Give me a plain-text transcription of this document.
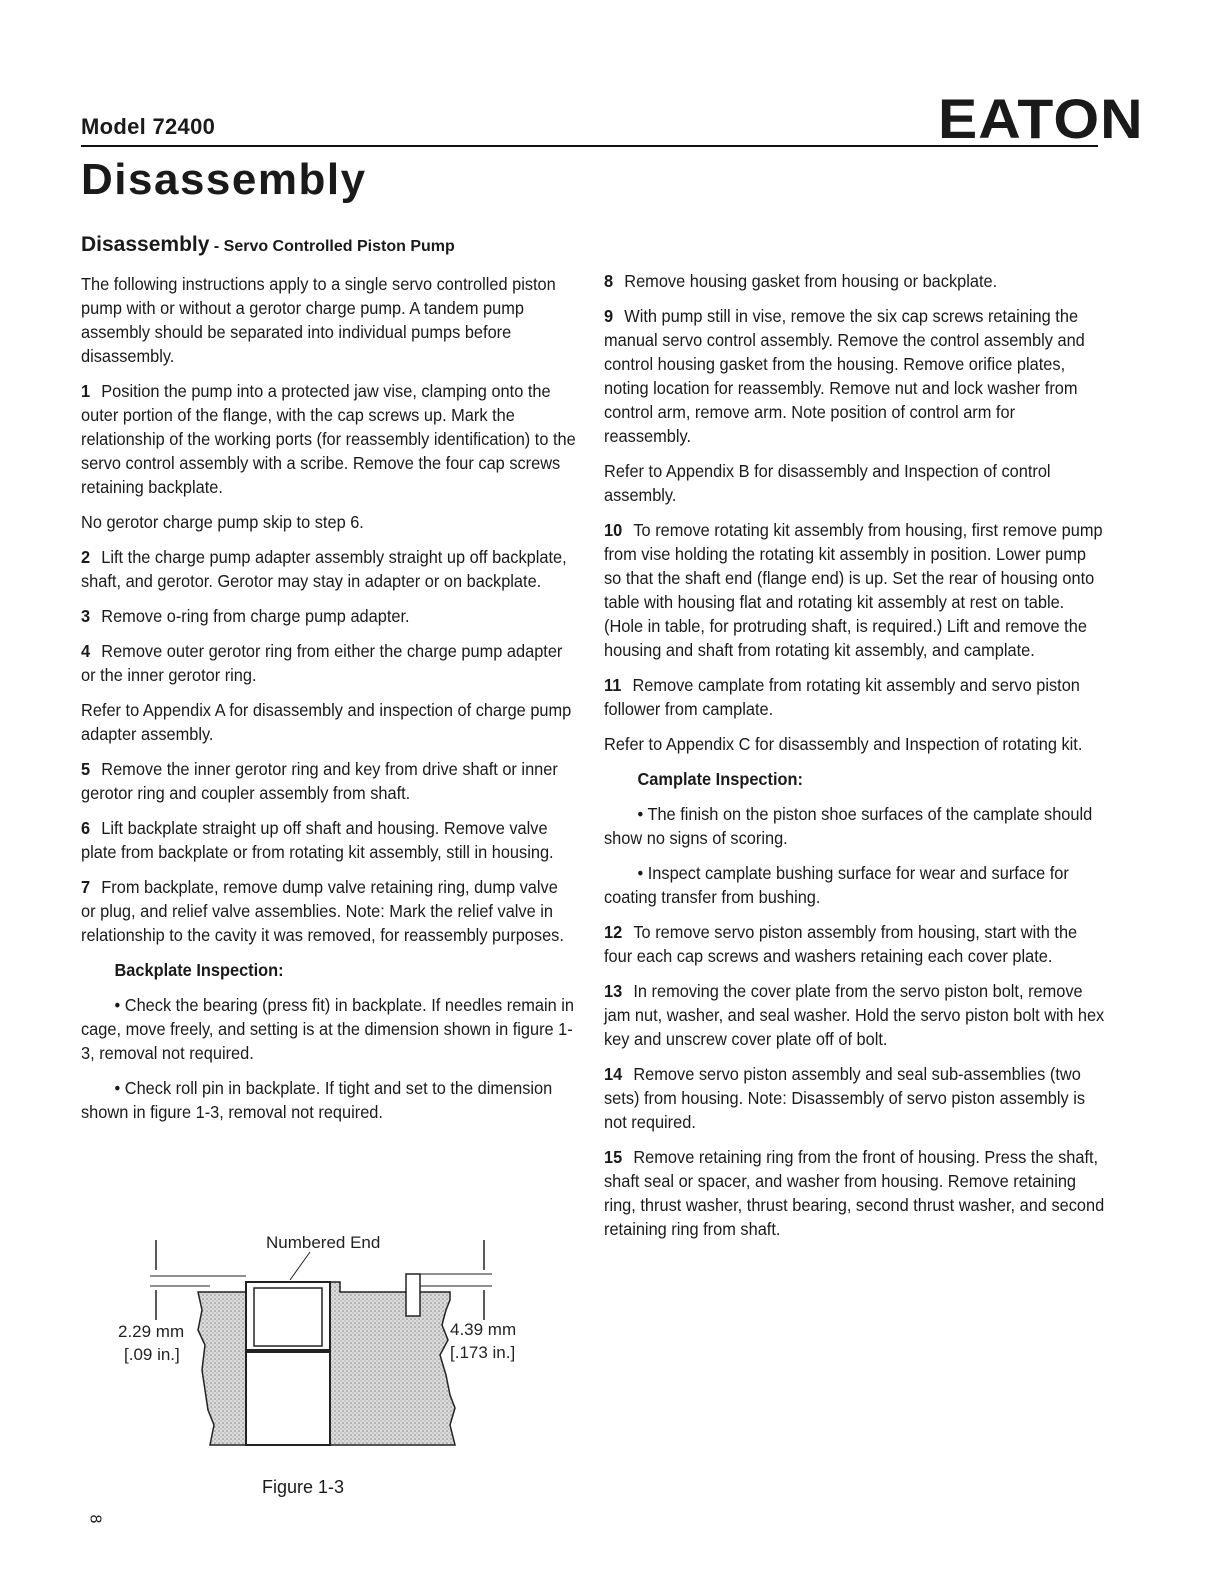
Model 72400	EATON
Disassembly
Disassembly - Servo Controlled Piston Pump

The following instructions apply to a single servo controlled piston pump with or without a gerotor charge pump. A tandem pump assembly should be separated into individual pumps before disassembly.

1 Position the pump into a protected jaw vise, clamping onto the outer portion of the flange, with the cap screws up. Mark the relationship of the working ports (for reassembly identification) to the servo control assembly with a scribe. Remove the four cap screws retaining backplate.

No gerotor charge pump skip to step 6.

2 Lift the charge pump adapter assembly straight up off backplate, shaft, and gerotor. Gerotor may stay in adapter or on backplate.

3 Remove o-ring from charge pump adapter.

4 Remove outer gerotor ring from either the charge pump adapter or the inner gerotor ring.

Refer to Appendix A for disassembly and inspection of charge pump adapter assembly.

5 Remove the inner gerotor ring and key from drive shaft or inner gerotor ring and coupler assembly from shaft.

6 Lift backplate straight up off shaft and housing. Remove valve plate from backplate or from rotating kit assembly, still in housing.

7 From backplate, remove dump valve retaining ring, dump valve or plug, and relief valve assemblies. Note: Mark the relief valve in relationship to the cavity it was removed, for reassembly purposes.

Backplate Inspection:

• Check the bearing (press fit) in backplate. If needles remain in cage, move freely, and setting is at the dimension shown in figure 1-3, removal not required.

• Check roll pin in backplate. If tight and set to the dimension shown in figure 1-3, removal not required.

Numbered End
2.29 mm
[.09 in.]
4.39 mm
[.173 in.]
Figure 1-3

8 Remove housing gasket from housing or backplate.

9 With pump still in vise, remove the six cap screws retaining the manual servo control assembly. Remove the control assembly and control housing gasket from the housing. Remove orifice plates, noting location for reassembly. Remove nut and lock washer from control arm, remove arm. Note position of control arm for reassembly.

Refer to Appendix B for disassembly and Inspection of control assembly.

10 To remove rotating kit assembly from housing, first remove pump from vise holding the rotating kit assembly in position. Lower pump so that the shaft end (flange end) is up. Set the rear of housing onto table with housing flat and rotating kit assembly at rest on table. (Hole in table, for protruding shaft, is required.) Lift and remove the housing and shaft from rotating kit assembly, and camplate.

11 Remove camplate from rotating kit assembly and servo piston follower from camplate.

Refer to Appendix C for disassembly and Inspection of rotating kit.

Camplate Inspection:

• The finish on the piston shoe surfaces of the camplate should show no signs of scoring.

• Inspect camplate bushing surface for wear and surface for coating transfer from bushing.

12 To remove servo piston assembly from housing, start with the four each cap screws and washers retaining each cover plate.

13 In removing the cover plate from the servo piston bolt, remove jam nut, washer, and seal washer. Hold the servo piston bolt with hex key and unscrew cover plate off of bolt.

14 Remove servo piston assembly and seal sub-assemblies (two sets) from housing. Note: Disassembly of servo piston assembly is not required.

15 Remove retaining ring from the front of housing. Press the shaft, shaft seal or spacer, and washer from housing. Remove retaining ring, thrust washer, thrust bearing, second thrust washer, and second retaining ring from shaft.

8
